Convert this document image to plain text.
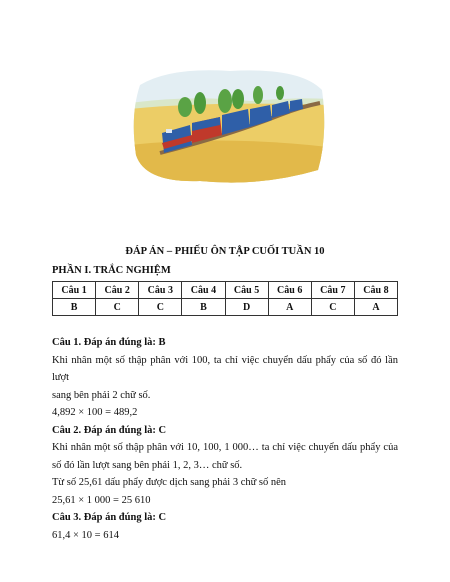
ĐÁP ÁN – PHIẾU ÔN TẬP CUỐI TUẦN 10
PHẦN I. TRẮC NGHIỆM
Câu 1	Câu 2	Câu 3	Câu 4	Câu 5	Câu 6	Câu 7	Câu 8
B	C	C	B	D	A	C	A

Câu 1. Đáp án đúng là: B

Khi nhân một số thập phân với 100, ta chỉ việc chuyển dấu phẩy của số đó lần lượt

sang bên phải 2 chữ số.

4,892 × 100 = 489,2

Câu 2. Đáp án đúng là: C

Khi nhân một số thập phân với 10, 100, 1 000… ta chỉ việc chuyển dấu phẩy của

số đó lần lượt sang bên phải 1, 2, 3… chữ số.

Từ số 25,61 dấu phẩy được dịch sang phải 3 chữ số nên

25,61 × 1 000 = 25 610

Câu 3. Đáp án đúng là: C

61,4 × 10 = 614
